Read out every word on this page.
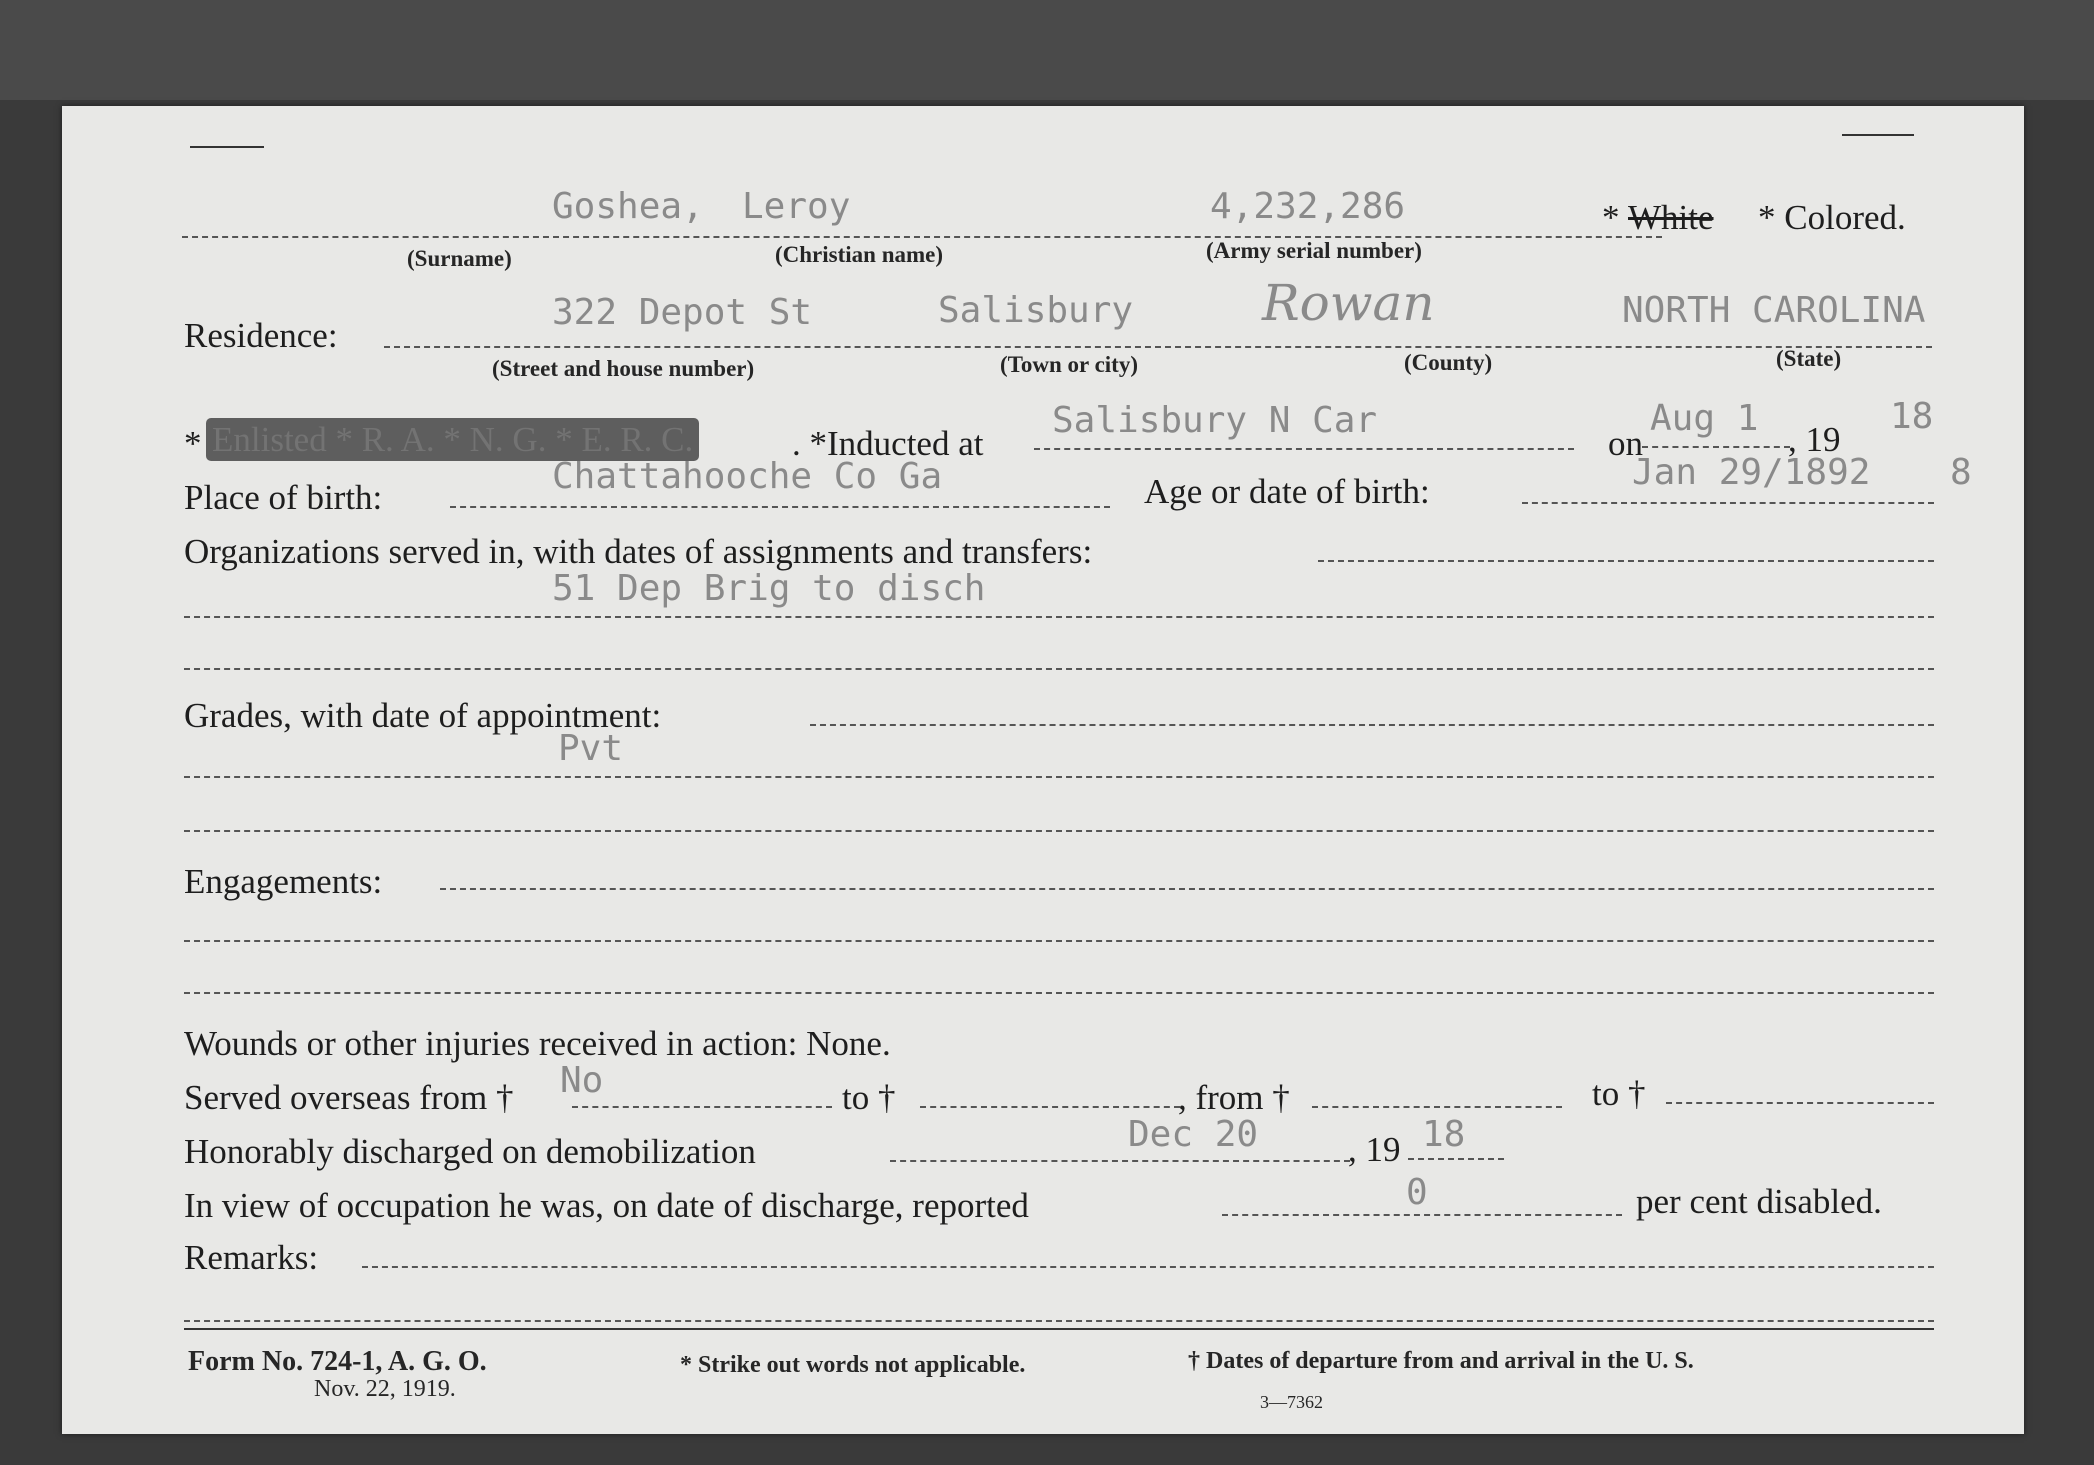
Goshea, Leroy	4,232,286	* White * Colored.
(Surname)	(Christian name)	(Army serial number)
Residence:
322 Depot St	Salisbury	Rowan	NORTH CAROLINA
(Street and house number)	(Town or city)	(County)	(State)
* Enlisted * R. A. * N. G. * E. R. C.	. *Inducted at
Salisbury N Car
on
Aug 1
, 19
18
Place of birth:
Chattahooche Co Ga	Age or date of birth:	Jan 29/1892 8
Organizations served in, with dates of assignments and transfers:
51 Dep Brig to disch
Grades, with date of appointment:
Pvt
Engagements:
Wounds or other injuries received in action: None.
Served overseas from † No	to †	, from †	to †
Honorably discharged on demobilization	Dec 20	, 19 18
In view of occupation he was, on date of discharge, reported	0	per cent disabled.
Remarks:
Form No. 724-1, A. G. O.
Nov. 22, 1919.
* Strike out words not applicable.	† Dates of departure from and arrival in the U. S.
3—7362
